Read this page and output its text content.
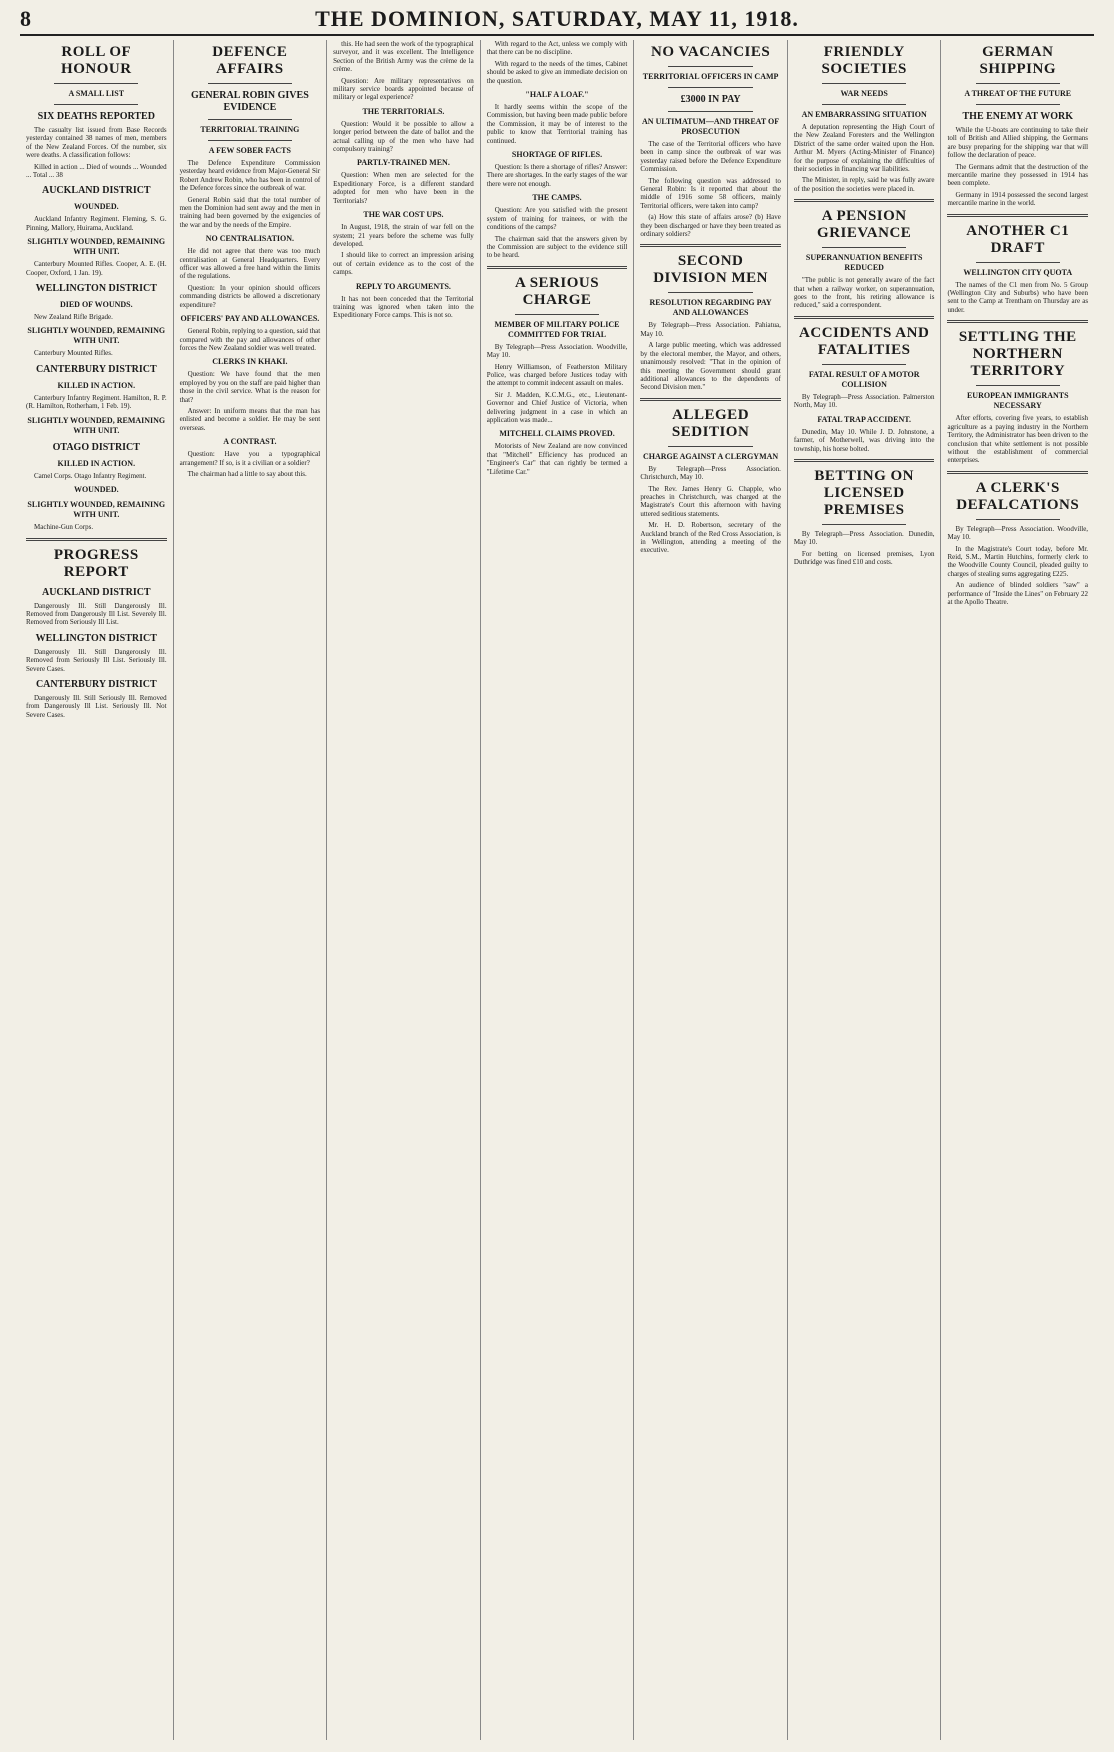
8	THE DOMINION, SATURDAY, MAY 11, 1918.
ROLL OF HONOUR
A SMALL LIST
SIX DEATHS REPORTED

The casualty list issued from Base Records yesterday contained 38 names of men, members of the New Zealand Forces. Of the number, six were deaths. A classification follows:

Killed in action ... Died of wounds ... Wounded ... Total ... 38

AUCKLAND DISTRICT
WOUNDED.

Auckland Infantry Regiment. Fleming, S. G. Pinning, Mallory, Huirama, Auckland.

SLIGHTLY WOUNDED, REMAINING WITH UNIT.

Canterbury Mounted Rifles. Cooper, A. E. (H. Cooper, Oxford, 1 Jan. 19).

WELLINGTON DISTRICT
DIED OF WOUNDS.

New Zealand Rifle Brigade.

SLIGHTLY WOUNDED, REMAINING WITH UNIT.

Canterbury Mounted Rifles.

CANTERBURY DISTRICT
KILLED IN ACTION.

Canterbury Infantry Regiment. Hamilton, R. P. (R. Hamilton, Rotherham, 1 Feb. 19).

SLIGHTLY WOUNDED, REMAINING WITH UNIT.
OTAGO DISTRICT
KILLED IN ACTION.

Camel Corps. Otago Infantry Regiment.

WOUNDED.
SLIGHTLY WOUNDED, REMAINING WITH UNIT.

Machine-Gun Corps.

PROGRESS REPORT
AUCKLAND DISTRICT

Dangerously Ill. Still Dangerously Ill. Removed from Dangerously Ill List. Severely Ill. Removed from Seriously Ill List.

WELLINGTON DISTRICT

Dangerously Ill. Still Dangerously Ill. Removed from Seriously Ill List. Seriously Ill. Severe Cases.

CANTERBURY DISTRICT

Dangerously Ill. Still Seriously Ill. Removed from Dangerously Ill List. Seriously Ill. Not Severe Cases.

DEFENCE AFFAIRS
GENERAL ROBIN GIVES EVIDENCE
TERRITORIAL TRAINING
A FEW SOBER FACTS

The Defence Expenditure Commission yesterday heard evidence from Major-General Sir Robert Andrew Robin, who has been in control of the Defence forces since the outbreak of war.

General Robin said that the total number of men the Dominion had sent away and the men in training had been governed by the exigencies of the war and by the needs of the Empire.

NO CENTRALISATION.

He did not agree that there was too much centralisation at General Headquarters. Every officer was allowed a free hand within the limits of the regulations.

Question: In your opinion should officers commanding districts be allowed a discretionary expenditure?

OFFICERS' PAY AND ALLOWANCES.

General Robin, replying to a question, said that compared with the pay and allowances of other forces the New Zealand soldier was well treated.

CLERKS IN KHAKI.

Question: We have found that the men employed by you on the staff are paid higher than those in the civil service. What is the reason for that?

Answer: In uniform means that the man has enlisted and become a soldier. He may be sent overseas.

A CONTRAST.

Question: Have you a typographical arrangement? If so, is it a civilian or a soldier?

The chairman had a little to say about this.

this. He had seen the work of the typographical surveyor, and it was excellent. The Intelligence Section of the British Army was the crème de la crème.

Question: Are military representatives on military service boards appointed because of military or legal experience?

THE TERRITORIALS.

Question: Would it be possible to allow a longer period between the date of ballot and the actual calling up of the men who have had compulsory training?

PARTLY-TRAINED MEN.

Question: When men are selected for the Expeditionary Force, is a different standard adopted for men who have been in the Territorials?

THE WAR COST UPS.

In August, 1918, the strain of war fell on the system; 21 years before the scheme was fully developed.

I should like to correct an impression arising out of certain evidence as to the cost of the camps.

REPLY TO ARGUMENTS.

It has not been conceded that the Territorial training was ignored when taken into the Expeditionary Force camps. This is not so.

With regard to the Act, unless we comply with that there can be no discipline.

With regard to the needs of the times, Cabinet should be asked to give an immediate decision on the question.

"HALF A LOAF."

It hardly seems within the scope of the Commission, but having been made public before the Commission, it may be of interest to the public to know that Territorial training has continued.

SHORTAGE OF RIFLES.

Question: Is there a shortage of rifles? Answer: There are shortages. In the early stages of the war there were not enough.

THE CAMPS.

Question: Are you satisfied with the present system of training for trainees, or with the conditions of the camps?

The chairman said that the answers given by the Commission are subject to the evidence still to be heard.

A SERIOUS CHARGE
MEMBER OF MILITARY POLICE COMMITTED FOR TRIAL

By Telegraph—Press Association. Woodville, May 10.

Henry Williamson, of Featherston Military Police, was charged before Justices today with the attempt to commit indecent assault on males.

Sir J. Madden, K.C.M.G., etc., Lieutenant-Governor and Chief Justice of Victoria, when delivering judgment in a case in which an application was made...

MITCHELL CLAIMS PROVED.

Motorists of New Zealand are now convinced that "Mitchell" Efficiency has produced an "Engineer's Car" that can rightly be termed a "Lifetime Car."

NO VACANCIES
TERRITORIAL OFFICERS IN CAMP
£3000 IN PAY
AN ULTIMATUM—AND THREAT OF PROSECUTION

The case of the Territorial officers who have been in camp since the outbreak of war was yesterday raised before the Defence Expenditure Commission.

The following question was addressed to General Robin: Is it reported that about the middle of 1916 some 58 officers, mainly Territorial officers, were taken into camp?

(a) How this state of affairs arose? (b) Have they been discharged or have they been treated as ordinary soldiers?

SECOND DIVISION MEN
RESOLUTION REGARDING PAY AND ALLOWANCES

By Telegraph—Press Association. Pahiatua, May 10.

A large public meeting, which was addressed by the electoral member, the Mayor, and others, unanimously resolved: "That in the opinion of this meeting the Government should grant additional allowances to the dependents of Second Division men."

ALLEGED SEDITION
CHARGE AGAINST A CLERGYMAN

By Telegraph—Press Association. Christchurch, May 10.

The Rev. James Henry G. Chapple, who preaches in Christchurch, was charged at the Magistrate's Court this afternoon with having uttered seditious statements.

Mr. H. D. Robertson, secretary of the Auckland branch of the Red Cross Association, is in Wellington, attending a meeting of the executive.

FRIENDLY SOCIETIES
WAR NEEDS
AN EMBARRASSING SITUATION

A deputation representing the High Court of the New Zealand Foresters and the Wellington District of the same order waited upon the Hon. Arthur M. Myers (Acting-Minister of Finance) for the purpose of explaining the difficulties of their societies in financing war liabilities.

The Minister, in reply, said he was fully aware of the position the societies were placed in.

A PENSION GRIEVANCE
SUPERANNUATION BENEFITS REDUCED

"The public is not generally aware of the fact that when a railway worker, on superannuation, goes to the front, his retiring allowance is reduced," said a correspondent.

ACCIDENTS AND FATALITIES
FATAL RESULT OF A MOTOR COLLISION

By Telegraph—Press Association. Palmerston North, May 10.

FATAL TRAP ACCIDENT.

Dunedin, May 10. While J. D. Johnstone, a farmer, of Motherwell, was driving into the township, his horse bolted.

BETTING ON LICENSED PREMISES

By Telegraph—Press Association. Dunedin, May 10.

For betting on licensed premises, Lyon Duthridge was fined £10 and costs.

GERMAN SHIPPING
A THREAT OF THE FUTURE
THE ENEMY AT WORK

While the U-boats are continuing to take their toll of British and Allied shipping, the Germans are busy preparing for the shipping war that will follow the declaration of peace.

The Germans admit that the destruction of the mercantile marine they possessed in 1914 has been complete.

Germany in 1914 possessed the second largest mercantile marine in the world.

ANOTHER C1 DRAFT
WELLINGTON CITY QUOTA

The names of the C1 men from No. 5 Group (Wellington City and Suburbs) who have been sent to the Camp at Trentham on Thursday are as under.

SETTLING THE NORTHERN TERRITORY
EUROPEAN IMMIGRANTS NECESSARY

After efforts, covering five years, to establish agriculture as a paying industry in the Northern Territory, the Administrator has been driven to the conclusion that white settlement is not possible without the establishment of commercial enterprises.

A CLERK'S DEFALCATIONS

By Telegraph—Press Association. Woodville, May 10.

In the Magistrate's Court today, before Mr. Reid, S.M., Martin Hutchins, formerly clerk to the Woodville County Council, pleaded guilty to charges of stealing sums aggregating £225.

An audience of blinded soldiers "saw" a performance of "Inside the Lines" on February 22 at the Apollo Theatre.
